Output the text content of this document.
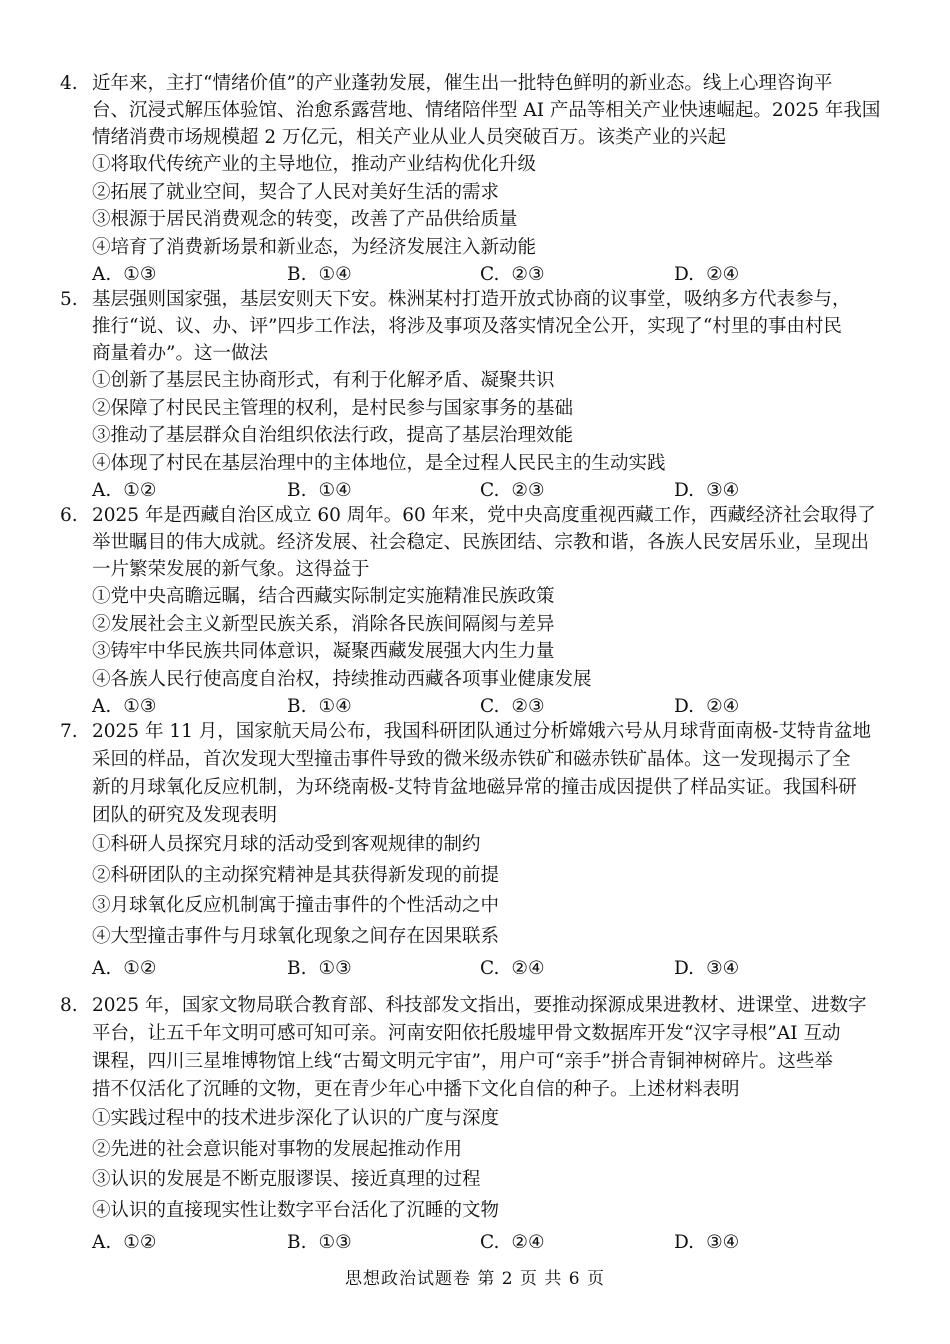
4. 近年来，主打“情绪价值”的产业蓬勃发展，催生出一批特色鲜明的新业态。线上心理咨询平
台、沉浸式解压体验馆、治愈系露营地、情绪陪伴型 AI 产品等相关产业快速崛起。2025 年我国
情绪消费市场规模超 2 万亿元，相关产业从业人员突破百万。该类产业的兴起
①将取代传统产业的主导地位，推动产业结构优化升级
②拓展了就业空间，契合了人民对美好生活的需求
③根源于居民消费观念的转变，改善了产品供给质量
④培育了消费新场景和新业态，为经济发展注入新动能
A. ①③	B. ①④	C. ②③	D. ②④
5. 基层强则国家强，基层安则天下安。株洲某村打造开放式协商的议事堂，吸纳多方代表参与，
推行“说、议、办、评”四步工作法，将涉及事项及落实情况全公开，实现了“村里的事由村民
商量着办”。这一做法
①创新了基层民主协商形式，有利于化解矛盾、凝聚共识
②保障了村民民主管理的权利，是村民参与国家事务的基础
③推动了基层群众自治组织依法行政，提高了基层治理效能
④体现了村民在基层治理中的主体地位，是全过程人民民主的生动实践
A. ①②	B. ①④	C. ②③	D. ③④
6. 2025 年是西藏自治区成立 60 周年。60 年来，党中央高度重视西藏工作，西藏经济社会取得了
举世瞩目的伟大成就。经济发展、社会稳定、民族团结、宗教和谐，各族人民安居乐业，呈现出
一片繁荣发展的新气象。这得益于
①党中央高瞻远瞩，结合西藏实际制定实施精准民族政策
②发展社会主义新型民族关系，消除各民族间隔阂与差异
③铸牢中华民族共同体意识，凝聚西藏发展强大内生力量
④各族人民行使高度自治权，持续推动西藏各项事业健康发展
A. ①③	B. ①④	C. ②③	D. ②④
7. 2025 年 11 月，国家航天局公布，我国科研团队通过分析嫦娥六号从月球背面南极-艾特肯盆地
采回的样品，首次发现大型撞击事件导致的微米级赤铁矿和磁赤铁矿晶体。这一发现揭示了全
新的月球氧化反应机制，为环绕南极-艾特肯盆地磁异常的撞击成因提供了样品实证。我国科研
团队的研究及发现表明
①科研人员探究月球的活动受到客观规律的制约
②科研团队的主动探究精神是其获得新发现的前提
③月球氧化反应机制寓于撞击事件的个性活动之中
④大型撞击事件与月球氧化现象之间存在因果联系
A. ①②	B. ①③	C. ②④	D. ③④
8. 2025 年，国家文物局联合教育部、科技部发文指出，要推动探源成果进教材、进课堂、进数字
平台，让五千年文明可感可知可亲。河南安阳依托殷墟甲骨文数据库开发“汉字寻根”AI 互动
课程，四川三星堆博物馆上线“古蜀文明元宇宙”，用户可“亲手”拼合青铜神树碎片。这些举
措不仅活化了沉睡的文物，更在青少年心中播下文化自信的种子。上述材料表明
①实践过程中的技术进步深化了认识的广度与深度
②先进的社会意识能对事物的发展起推动作用
③认识的发展是不断克服谬误、接近真理的过程
④认识的直接现实性让数字平台活化了沉睡的文物
A. ①②	B. ①③	C. ②④	D. ③④
思想政治试题卷 第 2 页 共 6 页
